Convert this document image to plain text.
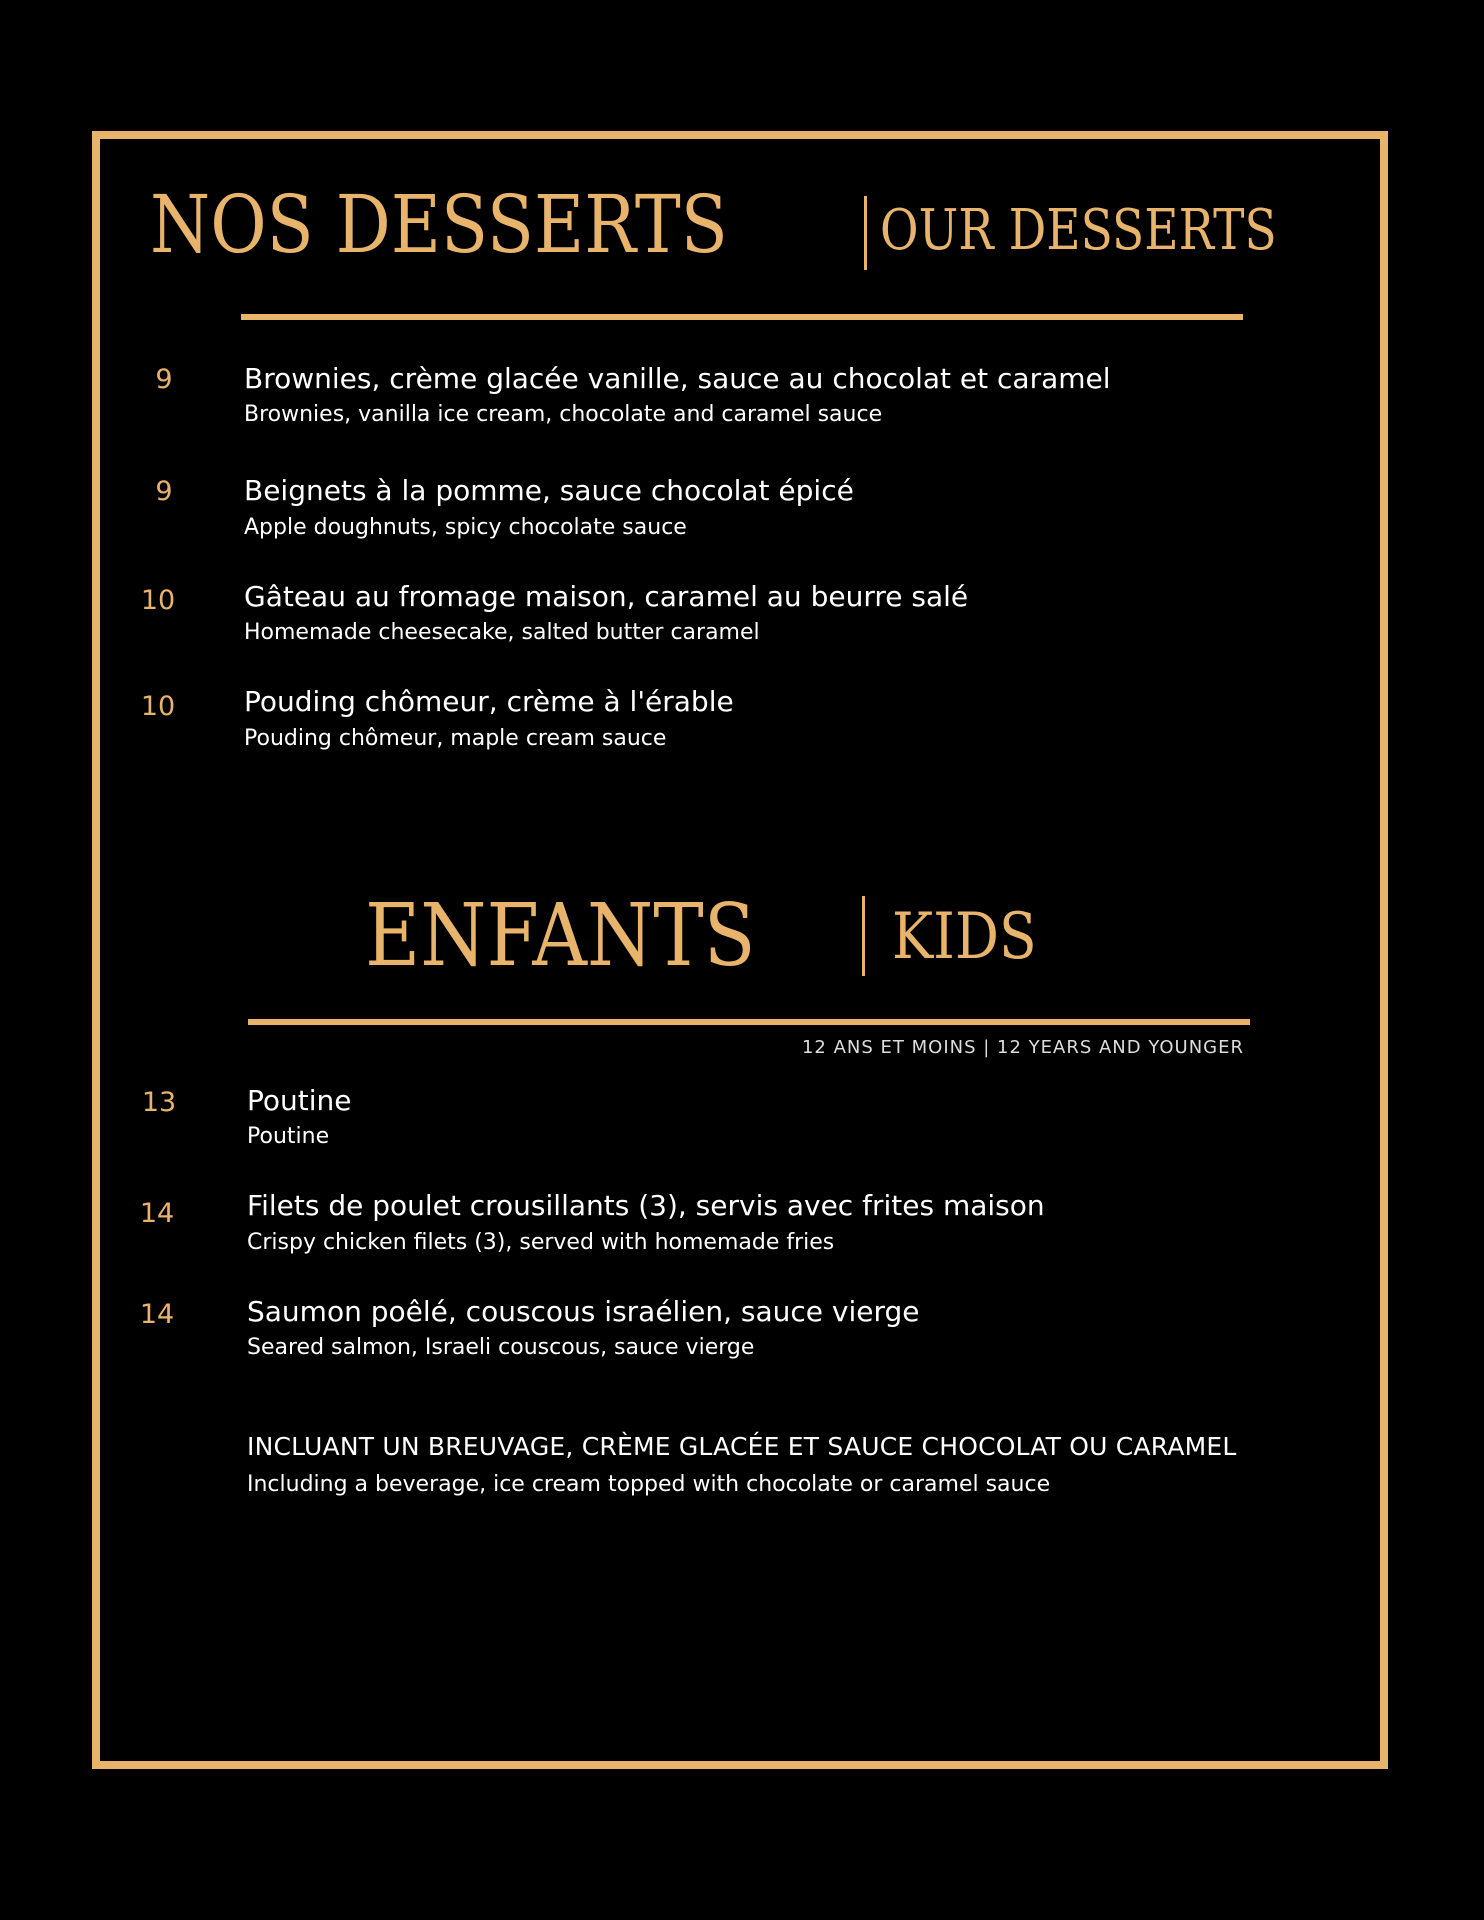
NOS DESSERTS	OUR DESSERTS
9	Brownies, crème glacée vanille, sauce au chocolat et caramel
Brownies, vanilla ice cream, chocolate and caramel sauce
9	Beignets à la pomme, sauce chocolat épicé
Apple doughnuts, spicy chocolate sauce
10	Gâteau au fromage maison, caramel au beurre salé
Homemade cheesecake, salted butter caramel
10	Pouding chômeur, crème à l'érable
Pouding chômeur, maple cream sauce
ENFANTS KIDS
12 ANS ET MOINS | 12 YEARS AND YOUNGER
13	Poutine
Poutine
14	Filets de poulet crousillants (3), servis avec frites maison
Crispy chicken filets (3), served with homemade fries
14	Saumon poêlé, couscous israélien, sauce vierge
Seared salmon, Israeli couscous, sauce vierge
INCLUANT UN BREUVAGE, CRÈME GLACÉE ET SAUCE CHOCOLAT OU CARAMEL
Including a beverage, ice cream topped with chocolate or caramel sauce
